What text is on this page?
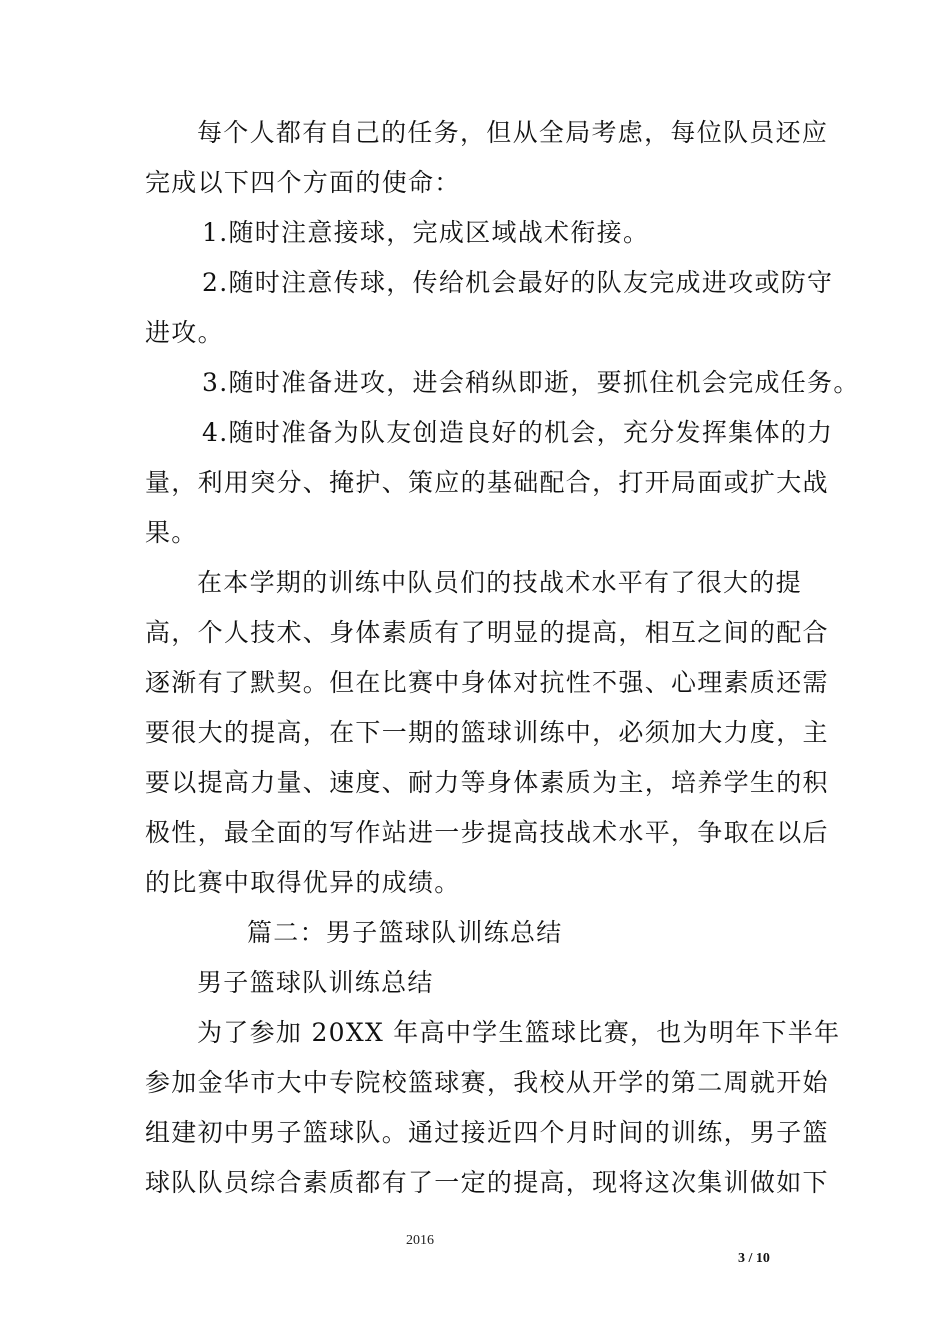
每个人都有自己的任务，但从全局考虑，每位队员还应
完成以下四个方面的使命：
1.随时注意接球，完成区域战术衔接。
2.随时注意传球，传给机会最好的队友完成进攻或防守
进攻。
3.随时准备进攻，进会稍纵即逝，要抓住机会完成任务。
4.随时准备为队友创造良好的机会，充分发挥集体的力
量，利用突分、掩护、策应的基础配合，打开局面或扩大战
果。
在本学期的训练中队员们的技战术水平有了很大的提
高，个人技术、身体素质有了明显的提高，相互之间的配合
逐渐有了默契。但在比赛中身体对抗性不强、心理素质还需
要很大的提高，在下一期的篮球训练中，必须加大力度，主
要以提高力量、速度、耐力等身体素质为主，培养学生的积
极性，最全面的写作站进一步提高技战术水平，争取在以后
的比赛中取得优异的成绩。
篇二：男子篮球队训练总结
男子篮球队训练总结
为了参加 20XX 年高中学生篮球比赛，也为明年下半年
参加金华市大中专院校篮球赛，我校从开学的第二周就开始
组建初中男子篮球队。通过接近四个月时间的训练，男子篮
球队队员综合素质都有了一定的提高，现将这次集训做如下
2016
3 / 10
